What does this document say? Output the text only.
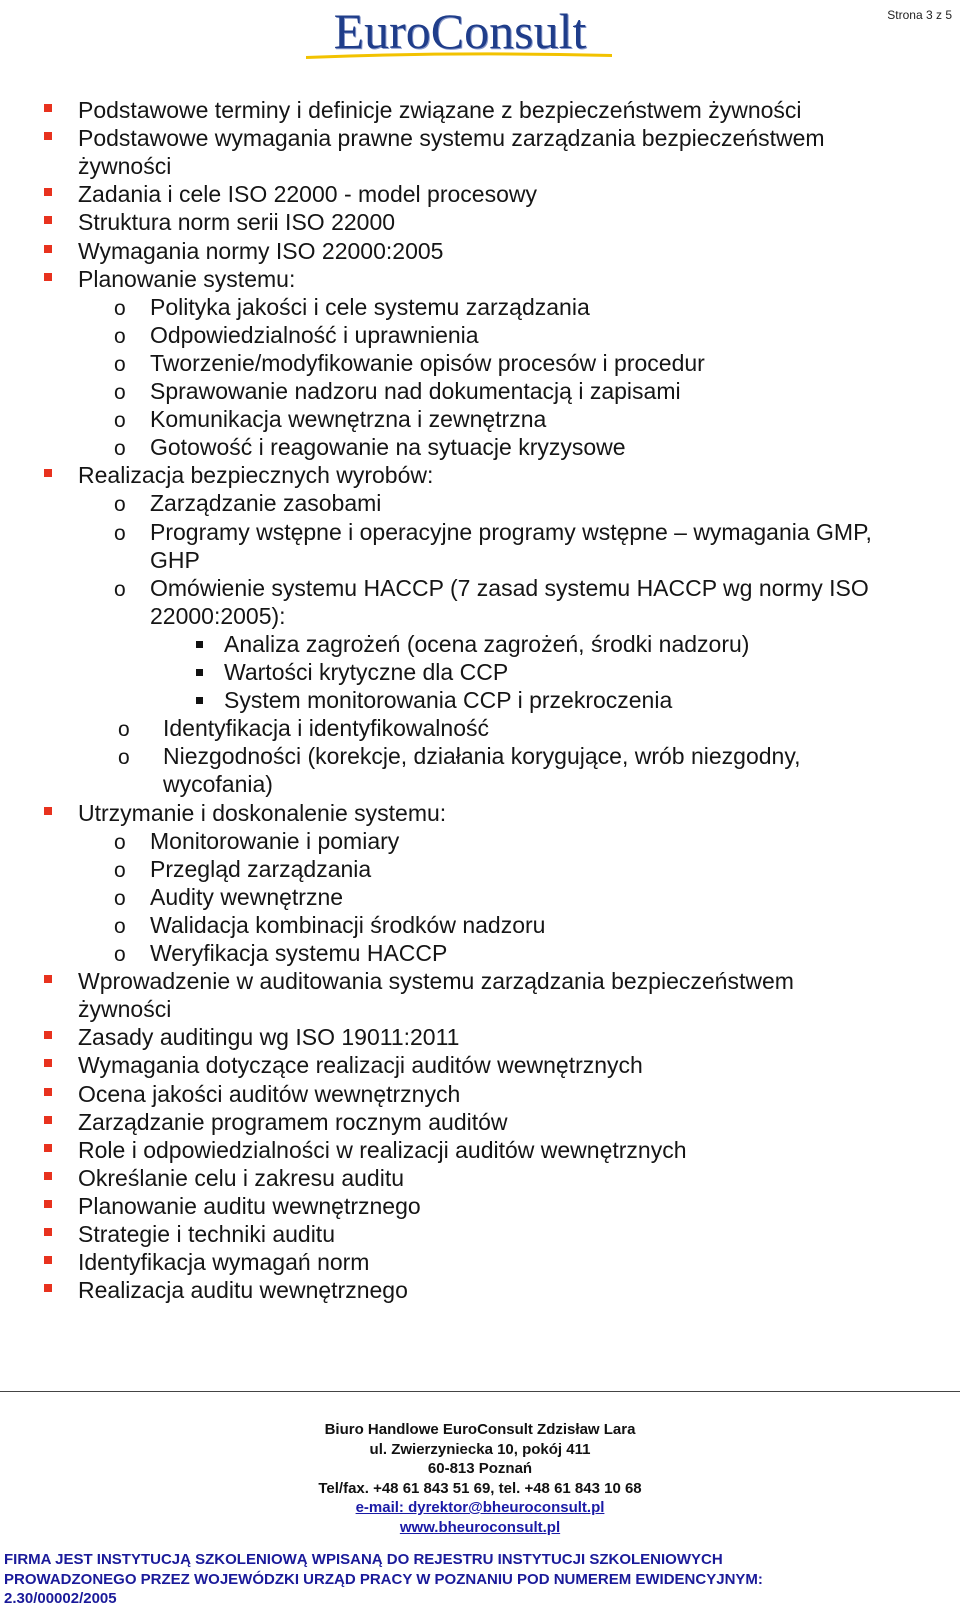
EuroConsult	Strona 3 z 5
Podstawowe terminy i definicje związane z bezpieczeństwem żywności
Podstawowe wymagania prawne systemu zarządzania bezpieczeństwem
żywności
Zadania i cele ISO 22000 - model procesowy
Struktura norm serii ISO 22000
Wymagania normy ISO 22000:2005
Planowanie systemu:
o Polityka jakości i cele systemu zarządzania
o Odpowiedzialność i uprawnienia
o Tworzenie/modyfikowanie opisów procesów i procedur
o Sprawowanie nadzoru nad dokumentacją i zapisami
o Komunikacja wewnętrzna i zewnętrzna
o Gotowość i reagowanie na sytuacje kryzysowe
Realizacja bezpiecznych wyrobów:
o Zarządzanie zasobami
o Programy wstępne i operacyjne programy wstępne – wymagania GMP,
GHP
o Omówienie systemu HACCP (7 zasad systemu HACCP wg normy ISO
22000:2005):
Analiza zagrożeń (ocena zagrożeń, środki nadzoru)
Wartości krytyczne dla CCP
System monitorowania CCP i przekroczenia
o Identyfikacja i identyfikowalność
o Niezgodności (korekcje, działania korygujące, wrób niezgodny,
wycofania)
Utrzymanie i doskonalenie systemu:
o Monitorowanie i pomiary
o Przegląd zarządzania
o Audity wewnętrzne
o Walidacja kombinacji środków nadzoru
o Weryfikacja systemu HACCP
Wprowadzenie w auditowania systemu zarządzania bezpieczeństwem
żywności
Zasady auditingu wg ISO 19011:2011
Wymagania dotyczące realizacji auditów wewnętrznych
Ocena jakości auditów wewnętrznych
Zarządzanie programem rocznym auditów
Role i odpowiedzialności w realizacji auditów wewnętrznych
Określanie celu i zakresu auditu
Planowanie auditu wewnętrznego
Strategie i techniki auditu
Identyfikacja wymagań norm
Realizacja auditu wewnętrznego
Biuro Handlowe EuroConsult Zdzisław Lara
ul. Zwierzyniecka 10, pokój 411
60-813 Poznań
Tel/fax. +48 61 843 51 69, tel. +48 61 843 10 68
e-mail: dyrektor@bheuroconsult.pl
www.bheuroconsult.pl
FIRMA JEST INSTYTUCJĄ SZKOLENIOWĄ WPISANĄ DO REJESTRU INSTYTUCJI SZKOLENIOWYCH
PROWADZONEGO PRZEZ WOJEWÓDZKI URZĄD PRACY W POZNANIU POD NUMEREM EWIDENCYJNYM:
2.30/00002/2005
